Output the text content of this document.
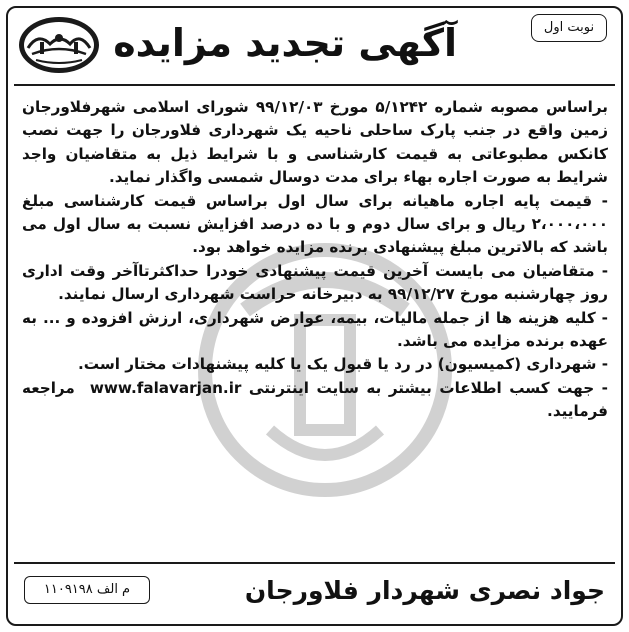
آگهی تجدید مزایده	نوبت اول

براساس مصوبه شماره ۵/۱۲۴۲ مورخ ۹۹/۱۲/۰۳ شورای اسلامی شهرفلاورجان زمین واقع در جنب پارک ساحلی ناحیه یک شهرداری فلاورجان را جهت نصب کانکس مطبوعاتی به قیمت کارشناسی و با شرایط ذیل به متقاضیان واجد شرایط به صورت اجاره بهاء برای مدت دوسال شمسی واگذار نماید.

- قیمت پایه اجاره ماهیانه برای سال اول براساس قیمت کارشناسی مبلغ ۲،۰۰۰،۰۰۰ ریال و برای سال دوم و با ده درصد افزایش نسبت به سال اول می باشد که بالاترین مبلغ پیشنهادی برنده مزایده خواهد بود.

- متقاضیان می بایست آخرین قیمت پیشنهادی خودرا حداکثرتاآخر وقت اداری روز چهارشنبه مورخ ۹۹/۱۲/۲۷ به دبیرخانه حراست شهرداری ارسال نمایند.

- کلیه هزینه ها از جمله مالیات، بیمه، عوارض شهرداری، ارزش افزوده و ... به عهده برنده مزایده می باشد.

- شهرداری (کمیسیون) در رد یا قبول یک یا کلیه پیشنهادات مختار است.

- جهت کسب اطلاعات بیشتر به سایت اینترنتی www.falavarjan.ir  مراجعه فرمایید.

جواد نصری شهردار فلاورجان
م الف ۱۱۰۹۱۹۸
